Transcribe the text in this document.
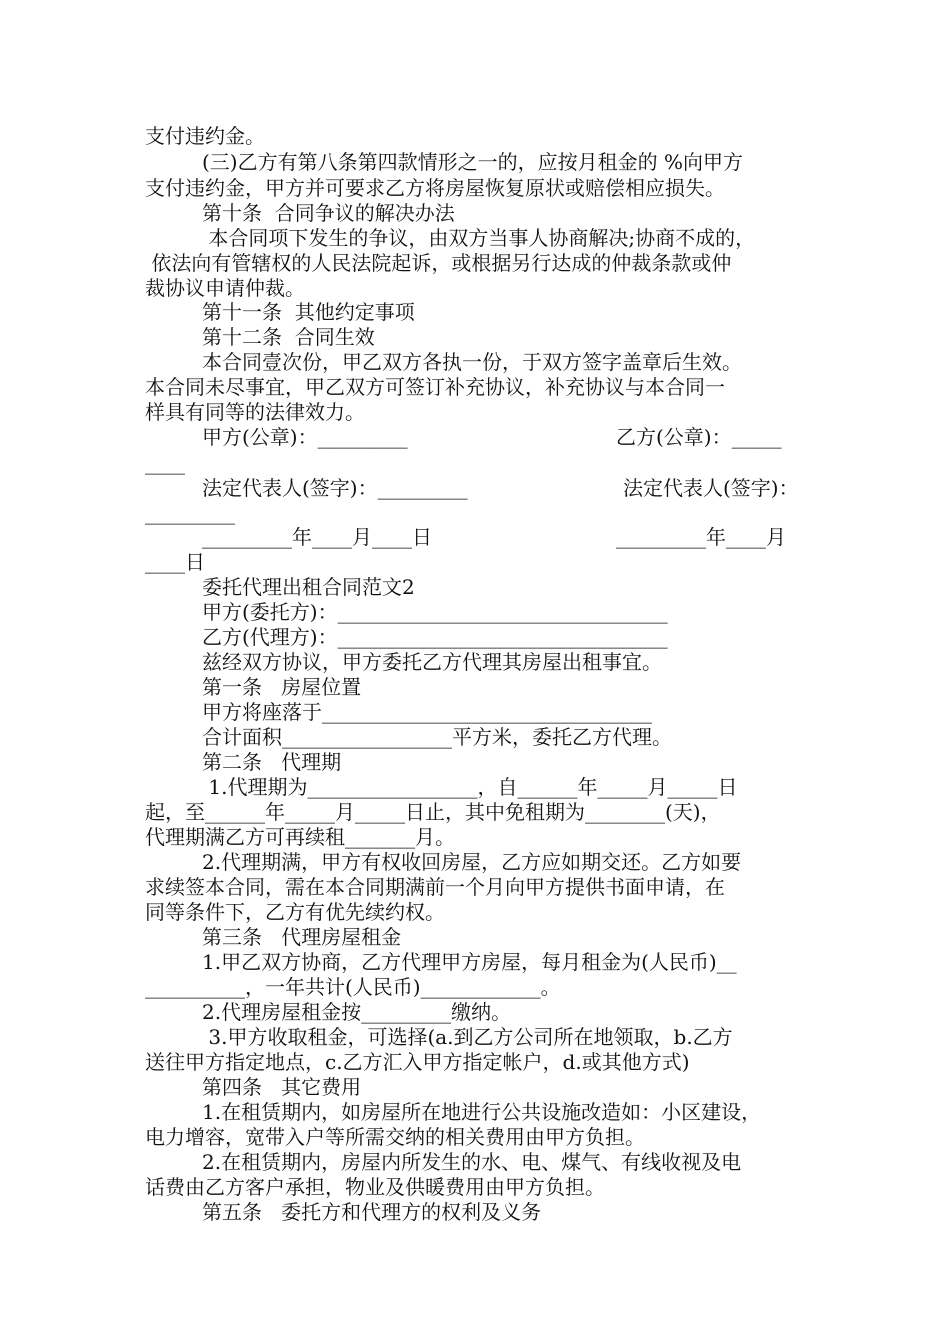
支付违约金。
(三)乙方有第八条第四款情形之一的，应按月租金的 %向甲方
支付违约金，甲方并可要求乙方将房屋恢复原状或赔偿相应损失。
第十条  合同争议的解决办法
本合同项下发生的争议，由双方当事人协商解决;协商不成的，
依法向有管辖权的人民法院起诉，或根据另行达成的仲裁条款或仲
裁协议申请仲裁。
第十一条  其他约定事项
第十二条  合同生效
本合同壹次份，甲乙双方各执一份，于双方签字盖章后生效。
本合同未尽事宜，甲乙双方可签订补充协议，补充协议与本合同一
样具有同等的法律效力。
甲方(公章)：_________	乙方(公章)：_____
____
法定代表人(签字)：_________	法定代表人(签字)：
_________
_________年____月____日	_________年____月
____日
委托代理出租合同范文2
甲方(委托方)：_________________________________
乙方(代理方)：_________________________________
兹经双方协议，甲方委托乙方代理其房屋出租事宜。
第一条   房屋位置
甲方将座落于_________________________________
合计面积_________________平方米，委托乙方代理。
第二条   代理期
1.代理期为_________________，自______年_____月_____日
起，至______年_____月_____日止，其中免租期为________(天)，
代理期满乙方可再续租_______月。
2.代理期满，甲方有权收回房屋，乙方应如期交还。乙方如要
求续签本合同，需在本合同期满前一个月向甲方提供书面申请，在
同等条件下，乙方有优先续约权。
第三条   代理房屋租金
1.甲乙双方协商，乙方代理甲方房屋，每月租金为(人民币)__
__________，一年共计(人民币)____________。
2.代理房屋租金按_________缴纳。
3.甲方收取租金，可选择(a.到乙方公司所在地领取，b.乙方
送往甲方指定地点，c.乙方汇入甲方指定帐户，d.或其他方式)
第四条   其它费用
1.在租赁期内，如房屋所在地进行公共设施改造如：小区建设，
电力增容，宽带入户等所需交纳的相关费用由甲方负担。
2.在租赁期内，房屋内所发生的水、电、煤气、有线收视及电
话费由乙方客户承担，物业及供暖费用由甲方负担。
第五条   委托方和代理方的权利及义务
